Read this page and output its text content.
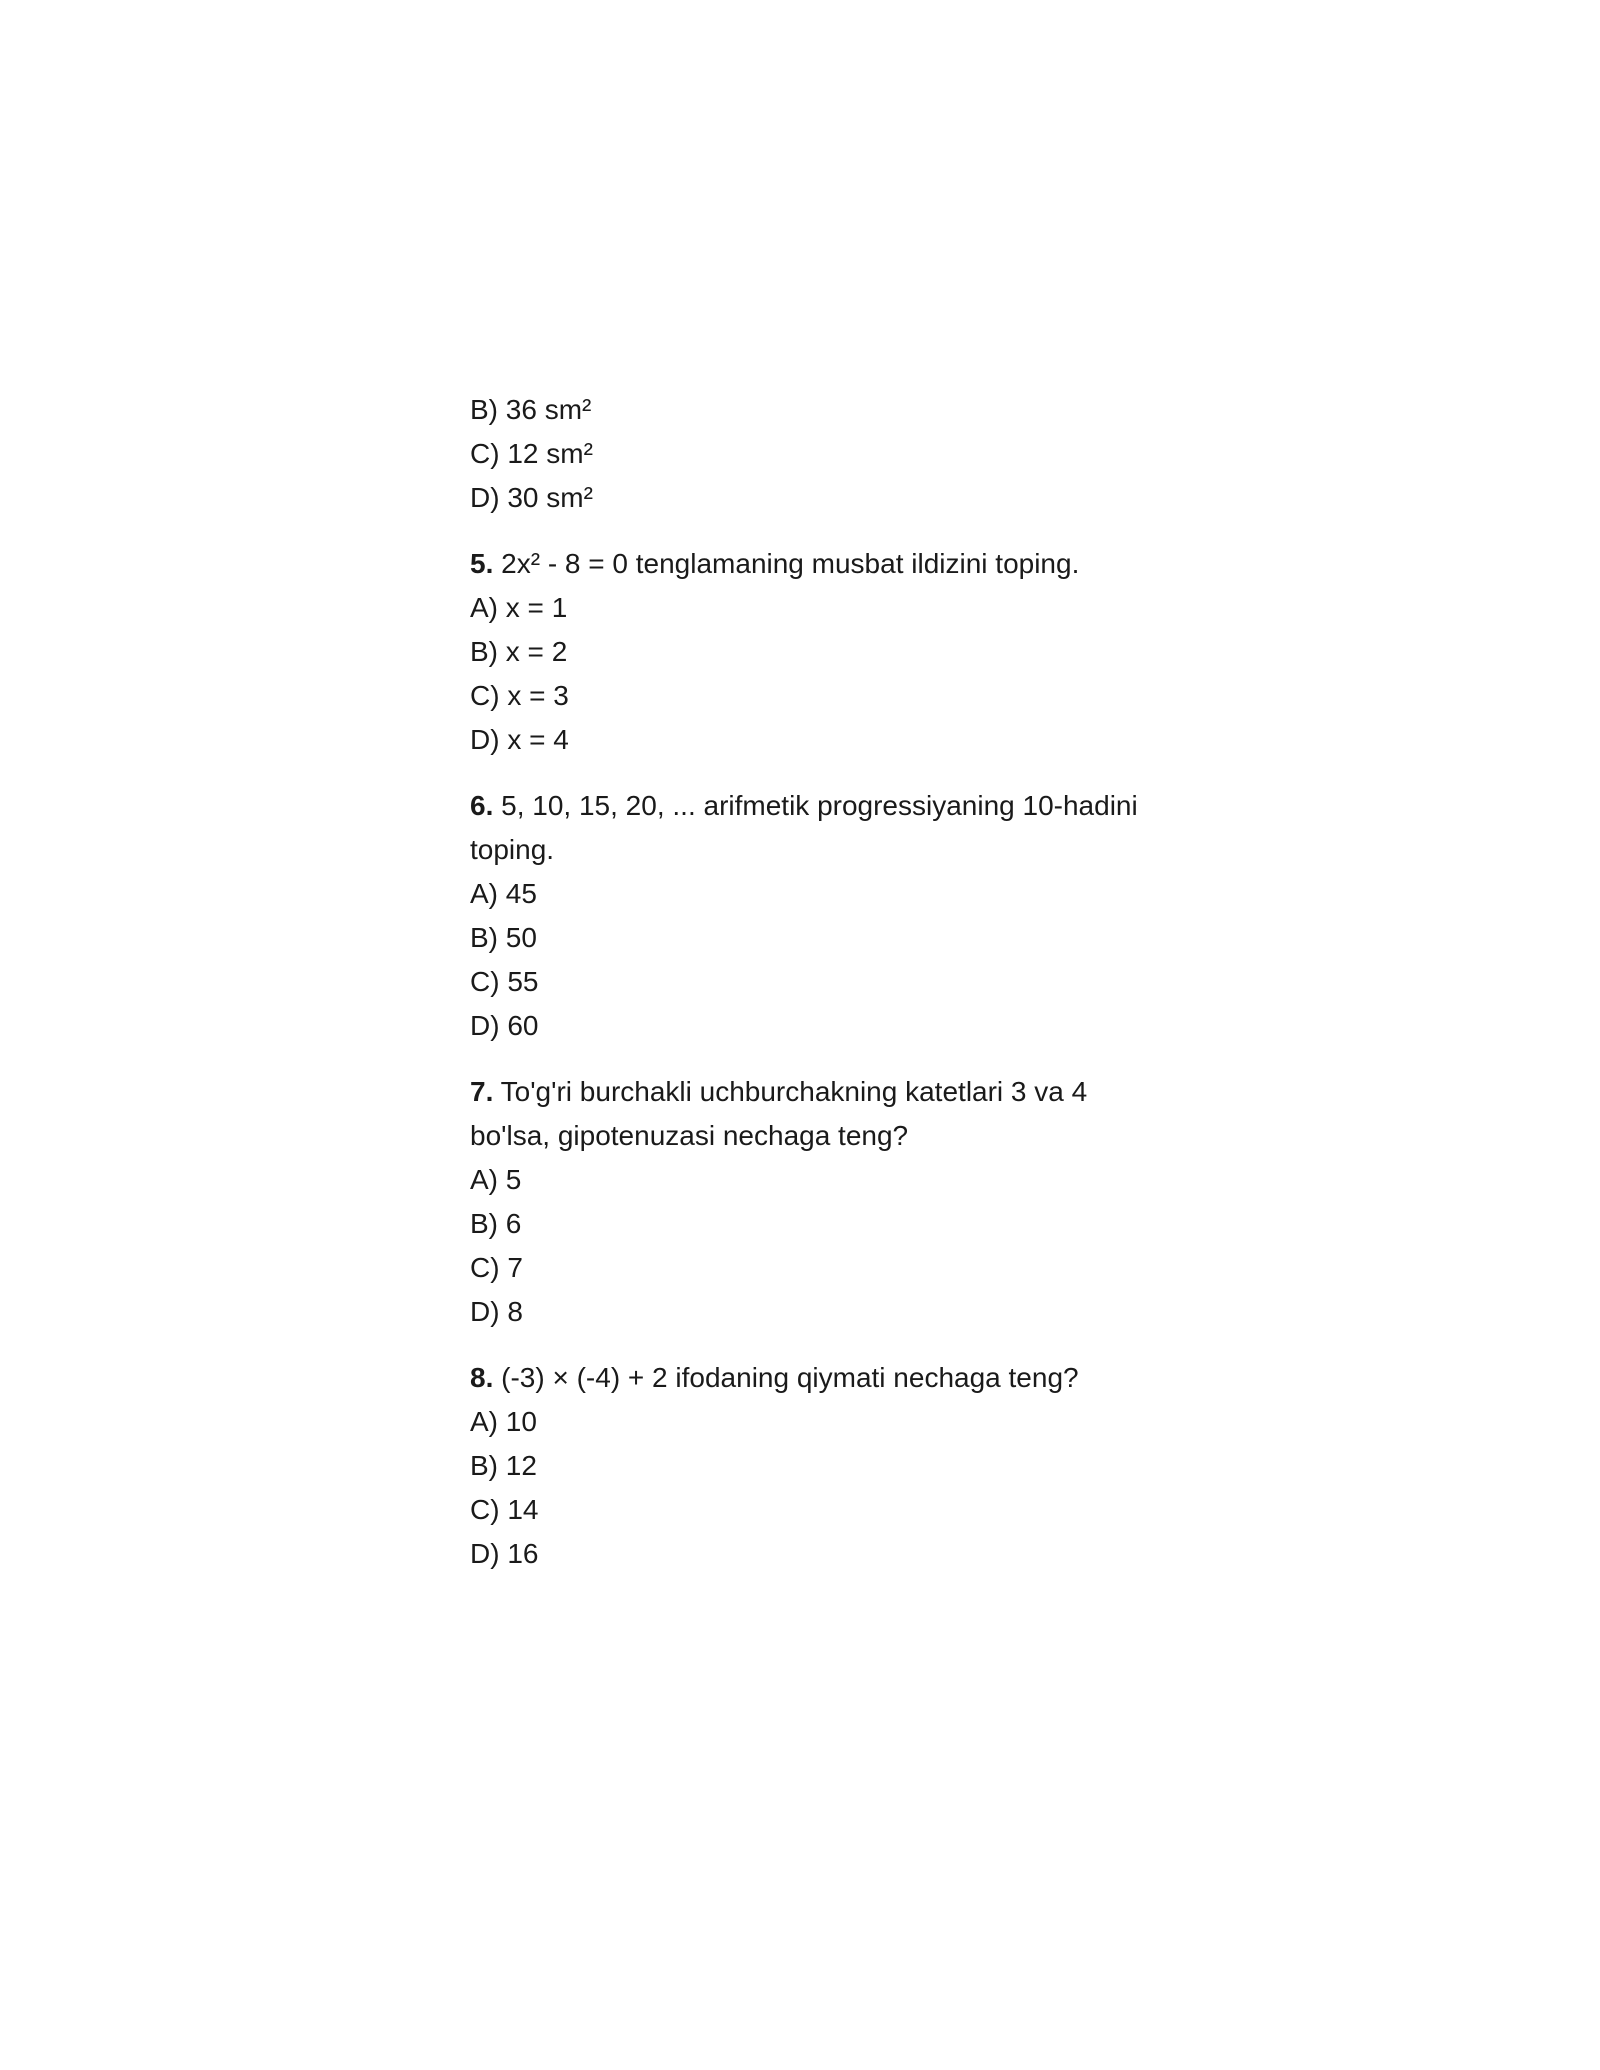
B) 36 sm²
C) 12 sm²
D) 30 sm²
5. 2x² - 8 = 0 tenglamaning musbat ildizini toping.
A) x = 1
B) x = 2
C) x = 3
D) x = 4
6. 5, 10, 15, 20, ... arifmetik progressiyaning 10-hadini toping.
A) 45
B) 50
C) 55
D) 60
7. To'g'ri burchakli uchburchakning katetlari 3 va 4 bo'lsa, gipotenuzasi nechaga teng?
A) 5
B) 6
C) 7
D) 8
8. (-3) × (-4) + 2 ifodaning qiymati nechaga teng?
A) 10
B) 12
C) 14
D) 16
